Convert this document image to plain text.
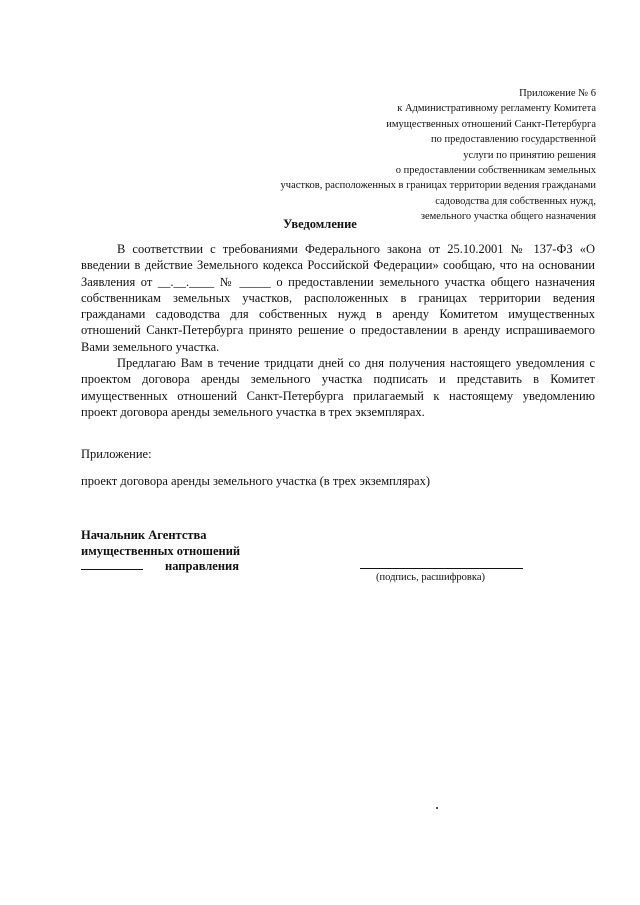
Приложение № 6
к Административному регламенту Комитета
имущественных отношений Санкт-Петербурга
по предоставлению государственной
услуги по принятию решения
о предоставлении собственникам земельных
участков, расположенных в границах территории ведения гражданами
садоводства для собственных нужд,
земельного участка общего назначения
Уведомление

В соответствии с требованиями Федерального закона от 25.10.2001 № 137-ФЗ «О введении в действие Земельного кодекса Российской Федерации» сообщаю, что на основании Заявления от __.__.____ № _____ о предоставлении земельного участка общего назначения собственникам земельных участков, расположенных в границах территории ведения гражданами садоводства для собственных нужд в аренду Комитетом имущественных отношений Санкт-Петербурга принято решение о предоставлении в аренду испрашиваемого Вами земельного участка.

Предлагаю Вам в течение тридцати дней со дня получения настоящего уведомления с проектом договора аренды земельного участка подписать и представить в Комитет имущественных отношений Санкт-Петербурга прилагаемый к настоящему уведомлению проект договора аренды земельного участка в трех экземплярах.

Приложение:
проект договора аренды земельного участка (в трех экземплярах)
Начальник Агентства
имущественных отношений
направления
(подпись, расшифровка)
